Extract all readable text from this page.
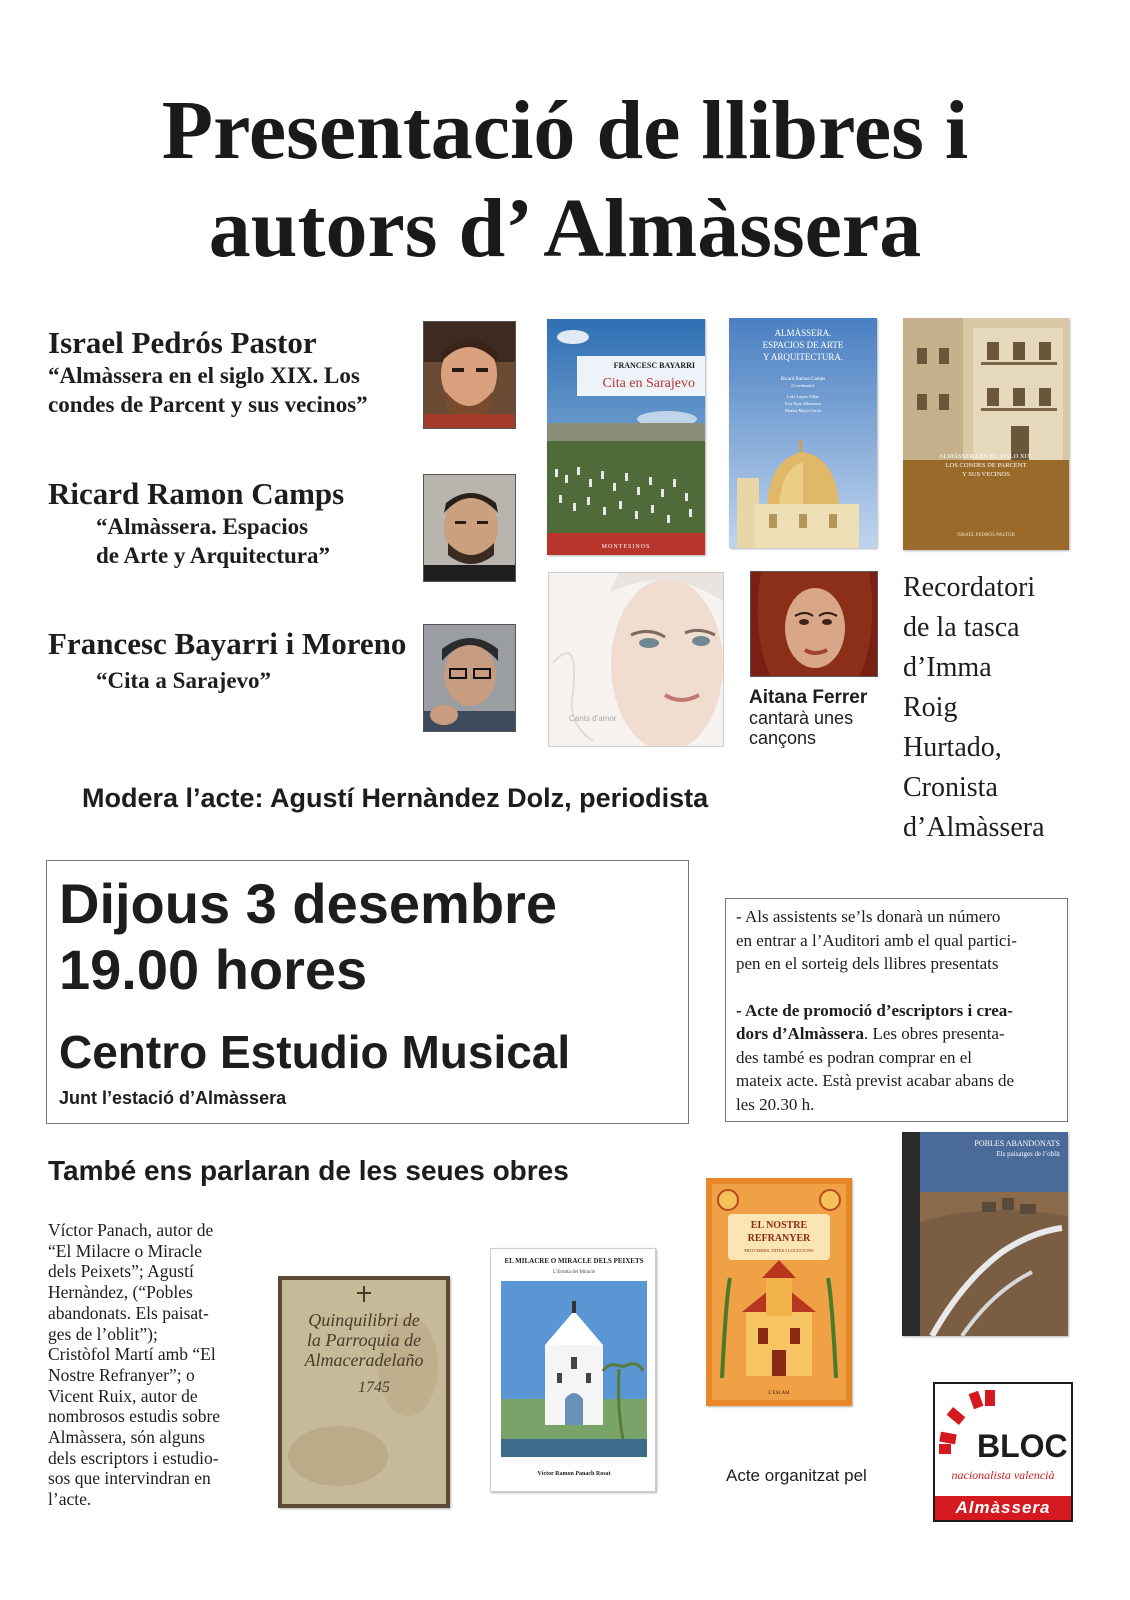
Presentació de llibres i
autors d’ Almàssera
Israel Pedrós Pastor
“Almàssera en el siglo XIX. Los
condes de Parcent y sus vecinos”
Ricard Ramon Camps
“Almàssera. Espacios
de Arte y Arquitectura”
Francesc Bayarri i Moreno
“Cita a Sarajevo”
FRANCESC BAYARRI
Cita en Sarajevo
MONTESINOS
ALMÀSSERA.
ESPACIOS DE ARTE
Y ARQUITECTURA.
Ricard Ramon Camps
(Coordinador)
Lola López Villar
Eva Ruiz Albentosa
Marisa Mayo Cerón
ALMÀSSERA EN EL SIGLO XIX.
LOS CONDES DE PARCENT
Y SUS VECINOS
ISRAEL PEDRÓS PASTOR
Cants d’amor
Aitana Ferrer
cantarà unes
cançons
Recordatori
de la tasca
d’Imma
Roig
Hurtado,
Cronista
d’Almàssera
Modera l’acte: Agustí Hernàndez Dolz, periodista
Dijous 3 desembre
19.00 hores
Centro Estudio Musical
Junt l’estació d’Almàssera
- Als assistents se’ls donarà un número
en entrar a l’Auditori amb el qual partici-
pen en el sorteig dels llibres presentats
- Acte de promoció d’escriptors i crea-
dors d’Almàssera. Les obres presenta-
des també es podran comprar en el
mateix acte. Està previst acabar abans de
les 20.30 h.
També ens parlaran de les seues obres
Víctor Panach, autor de
“El Milacre o Miracle
dels Peixets”; Agustí
Hernàndez, (“Pobles
abandonats. Els paisat-
ges de l’oblit”);
Cristòfol Martí amb “El
Nostre Refranyer”; o
Vicent Ruix, autor de
nombrosos estudis sobre
Almàssera, són alguns
dels escriptors i estudio-
sos que intervindran en
l’acte.
Quinquilibri de
la Parroquia de
Almaceradelaño
1745
EL MILACRE O MIRACLE DELS PEIXETS
L’Ermita del Miracle
Víctor Ramon Panach Rosat
EL NOSTRE
REFRANYER
PROVERBIS, DITES I LOCUCIONS
L’ESLAM
POBLES ABANDONATS
Els paisatges de l’oblit
Acte organitzat pel
BLOC
nacionalista valencià
Almàssera
